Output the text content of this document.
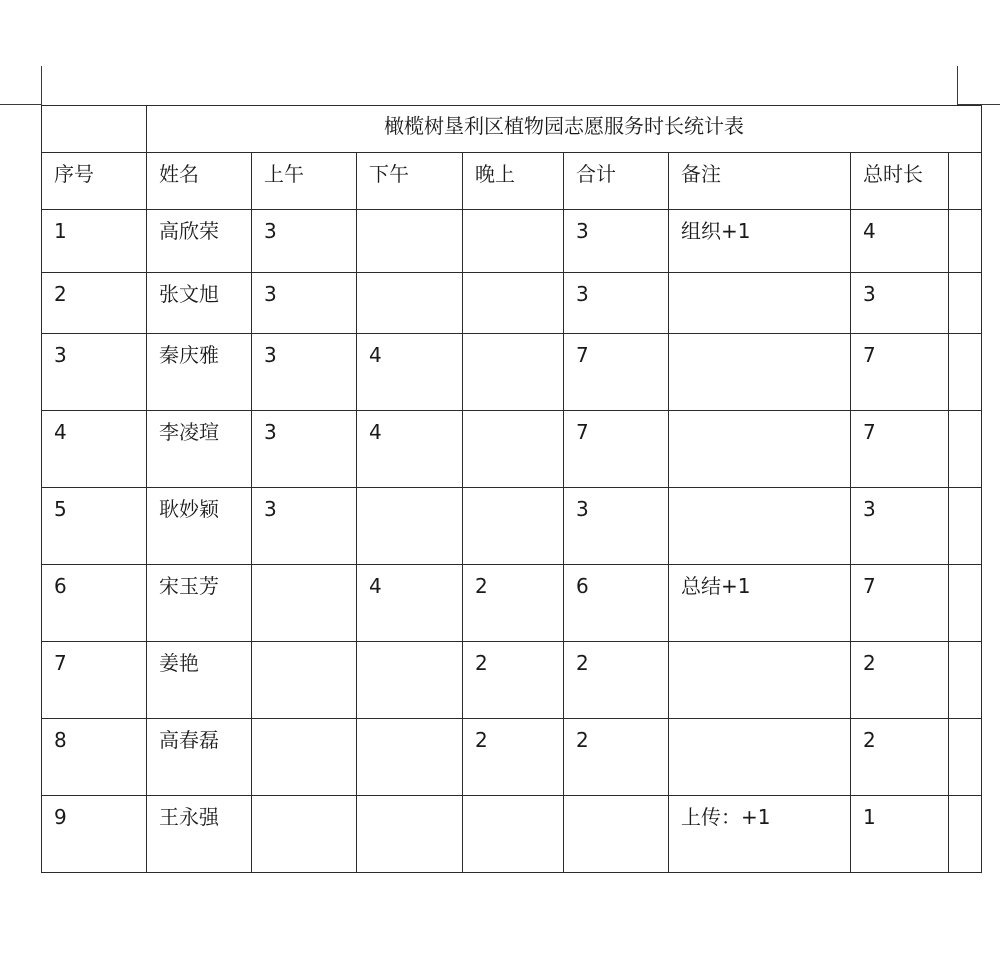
	橄榄树垦利区植物园志愿服务时长统计表							

序号	姓名	上午	下午	晚上	合计	备注	总时长	

1	高欣荣	3			3	组织+1	4	

2	张文旭	3			3		3	

3	秦庆雅	3	4		7		7	

4	李凌瑄	3	4		7		7	

5	耿妙颖	3			3		3	

6	宋玉芳		4	2	6	总结+1	7	

7	姜艳			2	2		2	

8	高春磊			2	2		2	

9	王永强					上传：+1	1	
